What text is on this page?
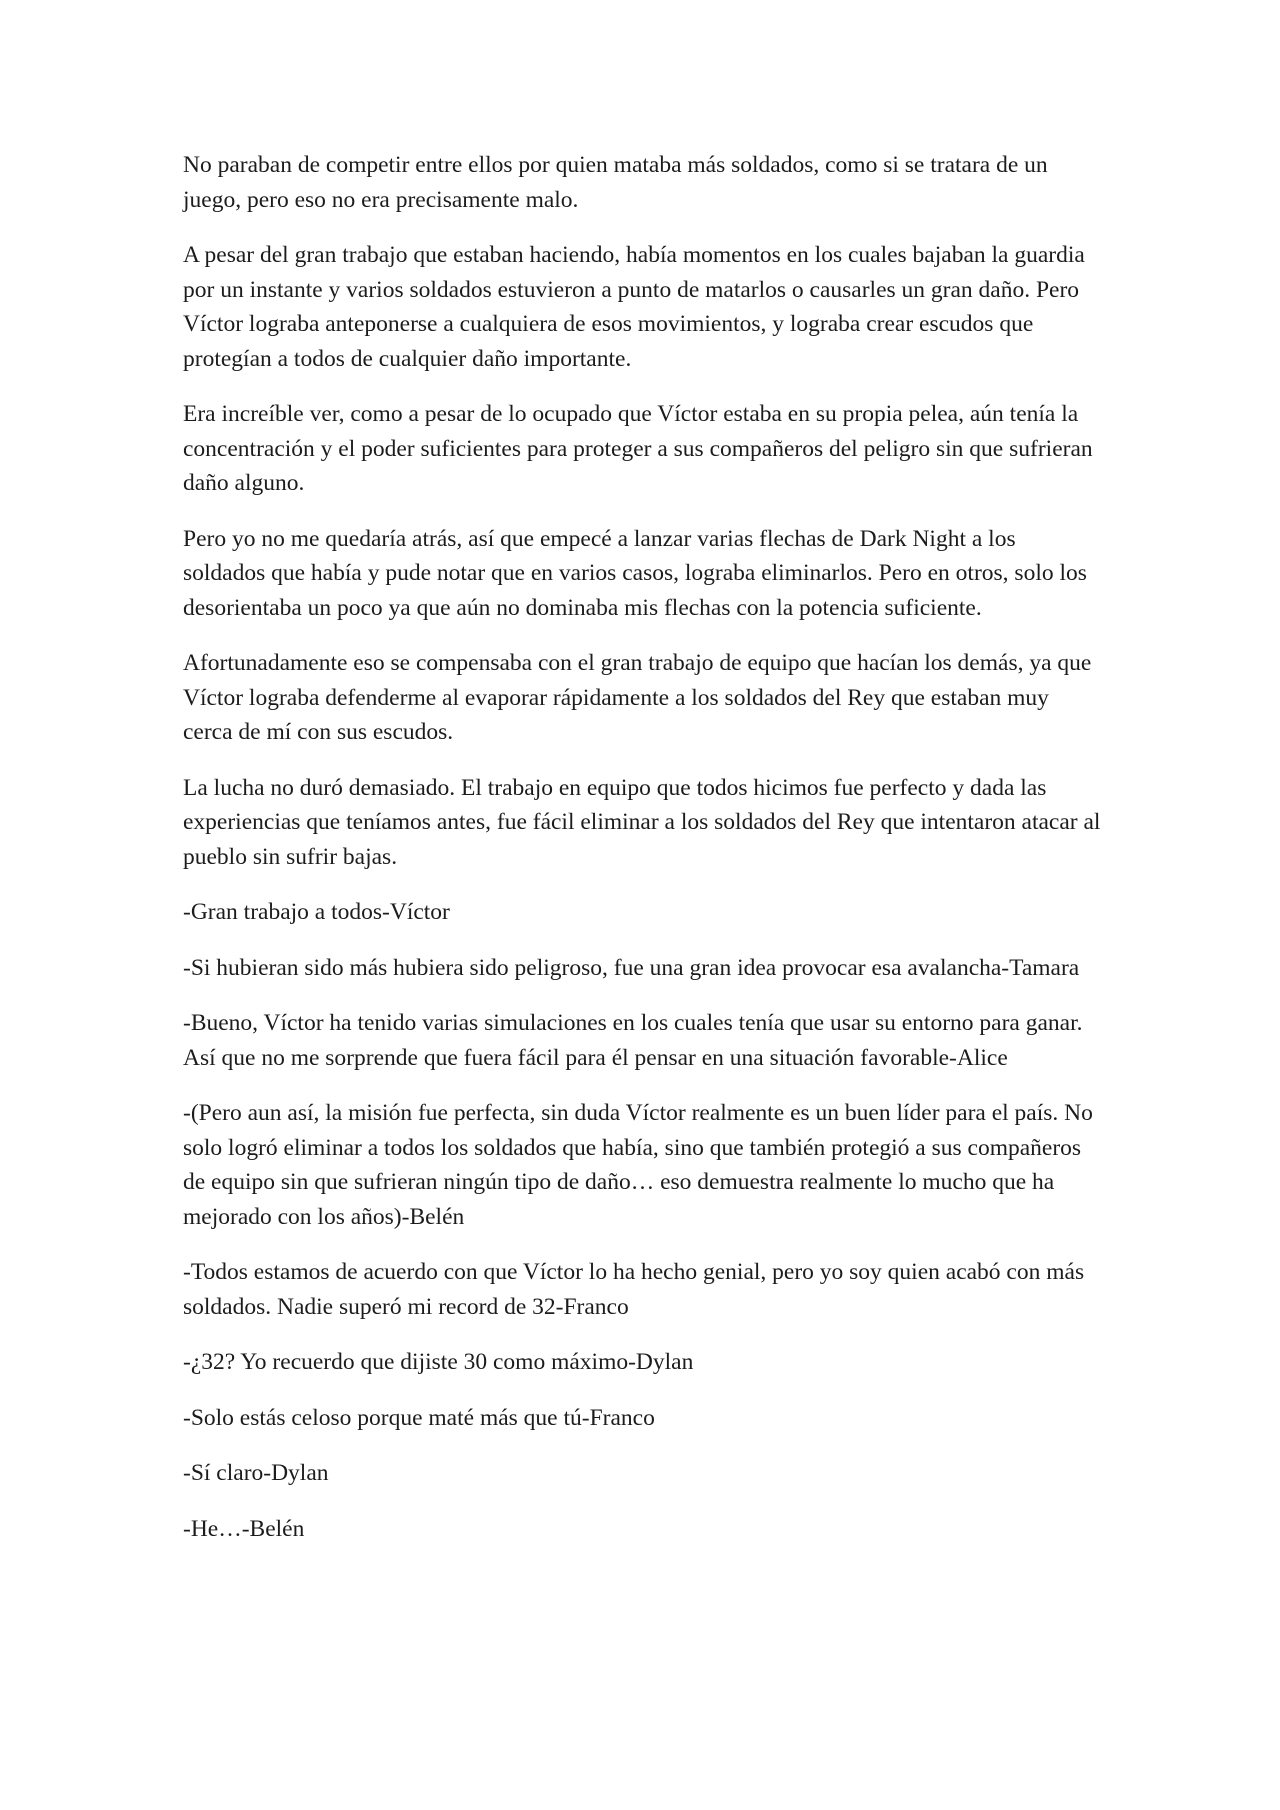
No paraban de competir entre ellos por quien mataba más soldados, como si se tratara de un juego, pero eso no era precisamente malo.

A pesar del gran trabajo que estaban haciendo, había momentos en los cuales bajaban la guardia por un instante y varios soldados estuvieron a punto de matarlos o causarles un gran daño. Pero Víctor lograba anteponerse a cualquiera de esos movimientos, y lograba crear escudos que protegían a todos de cualquier daño importante.

Era increíble ver, como a pesar de lo ocupado que Víctor estaba en su propia pelea, aún tenía la concentración y el poder suficientes para proteger a sus compañeros del peligro sin que sufrieran daño alguno.

Pero yo no me quedaría atrás, así que empecé a lanzar varias flechas de Dark Night a los soldados que había y pude notar que en varios casos, lograba eliminarlos. Pero en otros, solo los desorientaba un poco ya que aún no dominaba mis flechas con la potencia suficiente.

Afortunadamente eso se compensaba con el gran trabajo de equipo que hacían los demás, ya que Víctor lograba defenderme al evaporar rápidamente a los soldados del Rey que estaban muy cerca de mí con sus escudos.

La lucha no duró demasiado. El trabajo en equipo que todos hicimos fue perfecto y dada las experiencias que teníamos antes, fue fácil eliminar a los soldados del Rey que intentaron atacar al pueblo sin sufrir bajas.

-Gran trabajo a todos-Víctor

-Si hubieran sido más hubiera sido peligroso, fue una gran idea provocar esa avalancha-Tamara

-Bueno, Víctor ha tenido varias simulaciones en los cuales tenía que usar su entorno para ganar. Así que no me sorprende que fuera fácil para él pensar en una situación favorable-Alice

-(Pero aun así, la misión fue perfecta, sin duda Víctor realmente es un buen líder para el país. No solo logró eliminar a todos los soldados que había, sino que también protegió a sus compañeros de equipo sin que sufrieran ningún tipo de daño… eso demuestra realmente lo mucho que ha mejorado con los años)-Belén

-Todos estamos de acuerdo con que Víctor lo ha hecho genial, pero yo soy quien acabó con más soldados. Nadie superó mi record de 32-Franco

-¿32? Yo recuerdo que dijiste 30 como máximo-Dylan

-Solo estás celoso porque maté más que tú-Franco

-Sí claro-Dylan

-He…-Belén
